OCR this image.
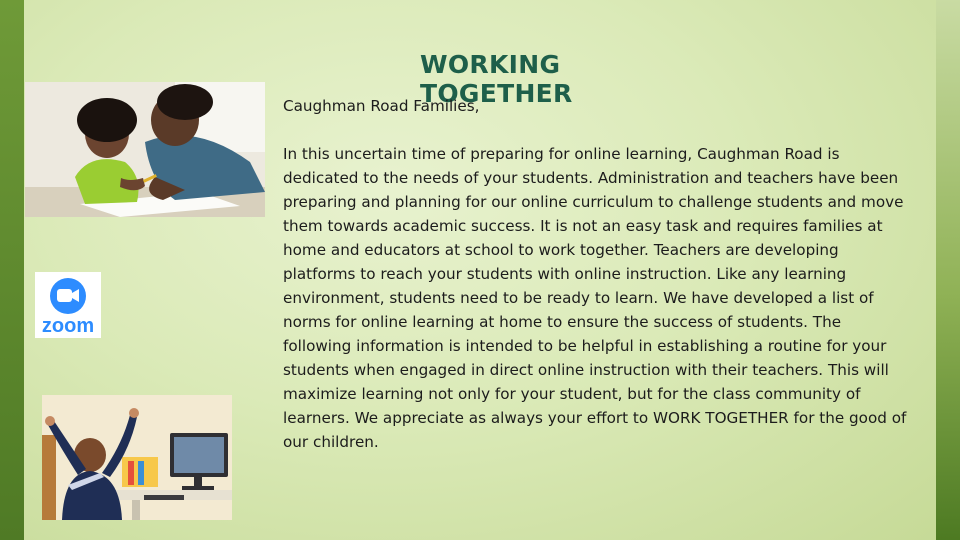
zoom
WORKING TOGETHER

Caughman Road Families,

In this uncertain time of preparing for online learning, Caughman Road is dedicated to the needs of your students. Administration and teachers have been preparing and planning for our online curriculum to challenge students and move them towards academic success. It is not an easy task and requires families at home and educators at school to work together. Teachers are developing platforms to reach your students with online instruction. Like any learning environment, students need to be ready to learn. We have developed a list of norms for online learning at home to ensure the success of students. The following information is intended to be helpful in establishing a routine for your students when engaged in direct online instruction with their teachers. This will maximize learning not only for your student, but for the class community of learners. We appreciate as always your effort to WORK TOGETHER for the good of our children.
